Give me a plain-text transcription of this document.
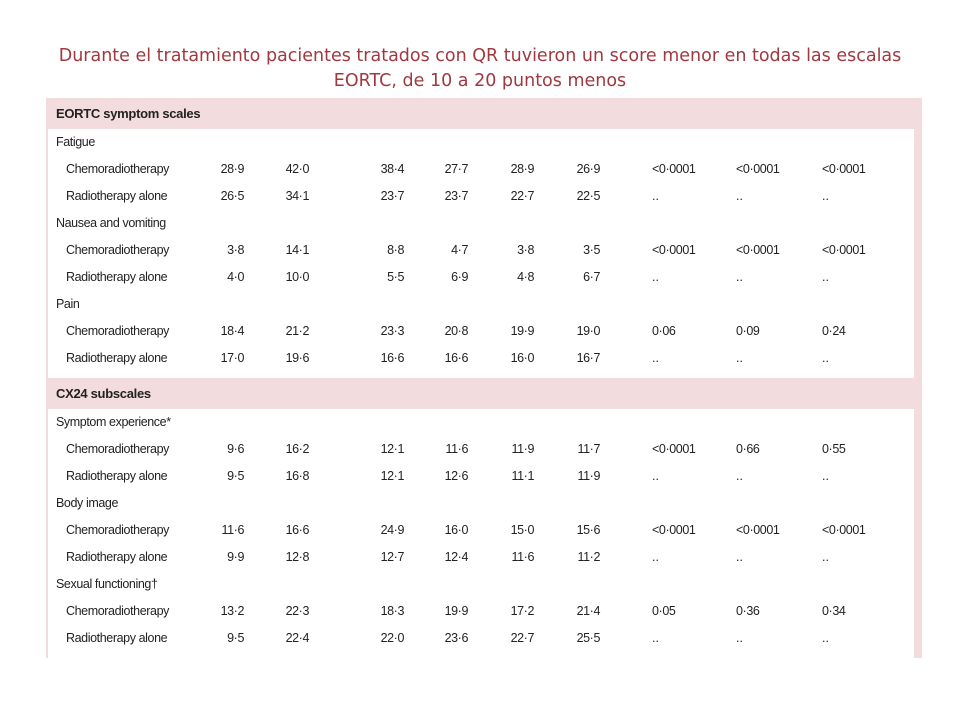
Durante el tratamiento pacientes tratados con QR tuvieron un score menor en todas las escalas EORTC, de 10 a 20 puntos menos
EORTC symptom scales
Fatigue
Chemoradiotherapy	28·9	42·0	38·4	27·7	28·9	26·9	<0·0001	<0·0001	<0·0001
Radiotherapy alone	26·5	34·1	23·7	23·7	22·7	22·5	..	..	..
Nausea and vomiting
Chemoradiotherapy	3·8	14·1	8·8	4·7	3·8	3·5	<0·0001	<0·0001	<0·0001
Radiotherapy alone	4·0	10·0	5·5	6·9	4·8	6·7	..	..	..
Pain
Chemoradiotherapy	18·4	21·2	23·3	20·8	19·9	19·0	0·06	0·09	0·24
Radiotherapy alone	17·0	19·6	16·6	16·6	16·0	16·7	..	..	..
CX24 subscales
Symptom experience*
Chemoradiotherapy	9·6	16·2	12·1	11·6	11·9	11·7	<0·0001	0·66	0·55
Radiotherapy alone	9·5	16·8	12·1	12·6	11·1	11·9	..	..	..
Body image
Chemoradiotherapy	11·6	16·6	24·9	16·0	15·0	15·6	<0·0001	<0·0001	<0·0001
Radiotherapy alone	9·9	12·8	12·7	12·4	11·6	11·2	..	..	..
Sexual functioning†
Chemoradiotherapy	13·2	22·3	18·3	19·9	17·2	21·4	0·05	0·36	0·34
Radiotherapy alone	9·5	22·4	22·0	23·6	22·7	25·5	..	..	..
